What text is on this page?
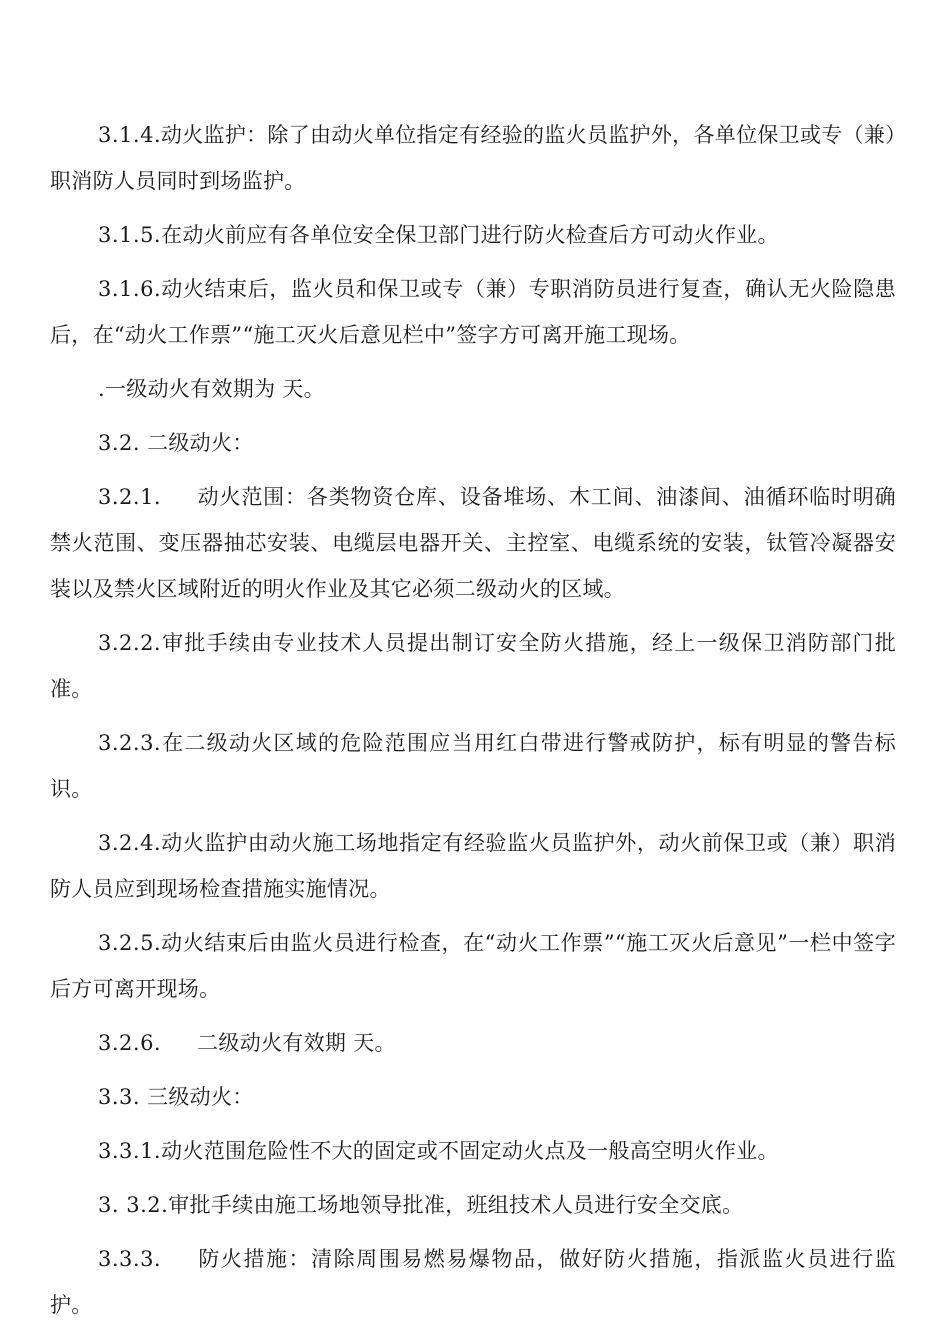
3.1.4.动火监护：除了由动火单位指定有经验的监火员监护外，各单位保卫或专（兼）职消防人员同时到场监护。

3.1.5.在动火前应有各单位安全保卫部门进行防火检查后方可动火作业。

3.1.6.动火结束后，监火员和保卫或专（兼）专职消防员进行复查，确认无火险隐患后，在“动火工作票”“施工灭火后意见栏中”签字方可离开施工现场。

.一级动火有效期为 天。

3.2. 二级动火：

3.2.1. 动火范围：各类物资仓库、设备堆场、木工间、油漆间、油循环临时明确禁火范围、变压器抽芯安装、电缆层电器开关、主控室、电缆系统的安装，钛管冷凝器安装以及禁火区域附近的明火作业及其它必须二级动火的区域。

3.2.2.审批手续由专业技术人员提出制订安全防火措施，经上一级保卫消防部门批准。

3.2.3.在二级动火区域的危险范围应当用红白带进行警戒防护，标有明显的警告标识。

3.2.4.动火监护由动火施工场地指定有经验监火员监护外，动火前保卫或（兼）职消防人员应到现场检查措施实施情况。

3.2.5.动火结束后由监火员进行检查，在“动火工作票”“施工灭火后意见”一栏中签字后方可离开现场。

3.2.6. 二级动火有效期 天。

3.3. 三级动火：

3.3.1.动火范围危险性不大的固定或不固定动火点及一般高空明火作业。

3. 3.2.审批手续由施工场地领导批准，班组技术人员进行安全交底。

3.3.3. 防火措施：清除周围易燃易爆物品，做好防火措施，指派监火员进行监护。
